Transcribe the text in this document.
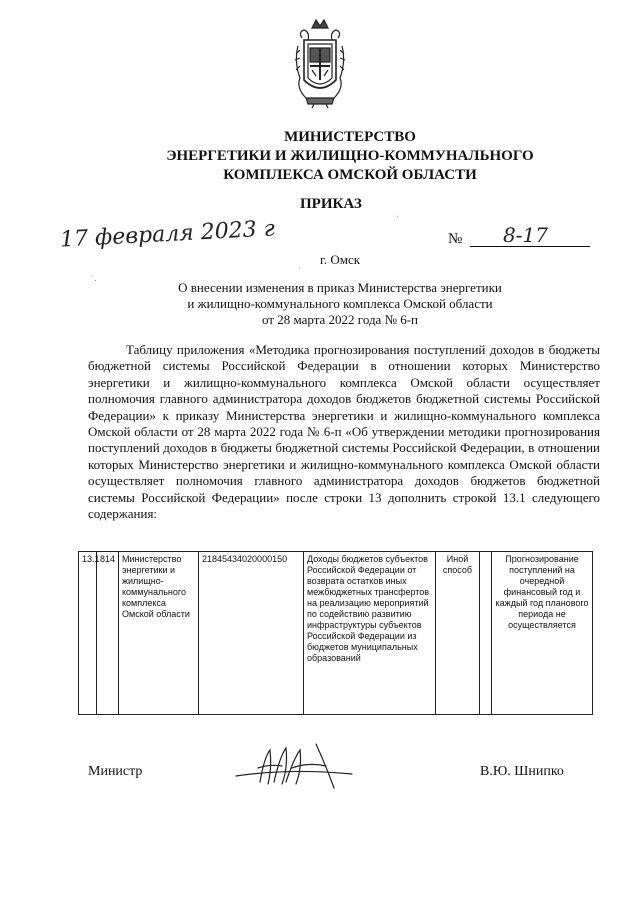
МИНИСТЕРСТВО
ЭНЕРГЕТИКИ И ЖИЛИЩНО-КОММУНАЛЬНОГО
КОМПЛЕКСА ОМСКОЙ ОБЛАСТИ
ПРИКАЗ
ˎ
17 февраля 2023 г	№ 8-17
г. Омск
˙ .
ˈ
О внесении изменения в приказ Министерства энергетики
и жилищно-коммунального комплекса Омской области
от 28 марта 2022 года № 6-п
Таблицу приложения «Методика прогнозирования поступлений доходов в бюджеты бюджетной системы Российской Федерации в отношении которых Министерство энергетики и жилищно-коммунального комплекса Омской области осуществляет полномочия главного администратора доходов бюджетов бюджетной системы Российской Федерации» к приказу Министерства энергетики и жилищно-коммунального комплекса Омской области от 28 марта 2022 года № 6-п «Об утверждении методики прогнозирования поступлений доходов в бюджеты бюджетной системы Российской Федерации, в отношении которых Министерство энергетики и жилищно-коммунального комплекса Омской области осуществляет полномочия главного администратора доходов бюджетов бюджетной системы Российской Федерации» после строки 13 дополнить строкой 13.1 следующего содержания:
13.1	814	Министерство энергетики и жилищно-коммунального комплекса Омской области	21845434020000150	Доходы бюджетов субъектов Российской Федерации от возврата остатков иных межбюджетных трансфертов на реализацию мероприятий по содействию развитию инфраструктуры субъектов Российской Федерации из бюджетов муниципальных образований	Иной способ		Прогнозирование поступлений на очередной финансовый год и каждый год планового периода не осуществляется
Министр	В.Ю. Шнипко
